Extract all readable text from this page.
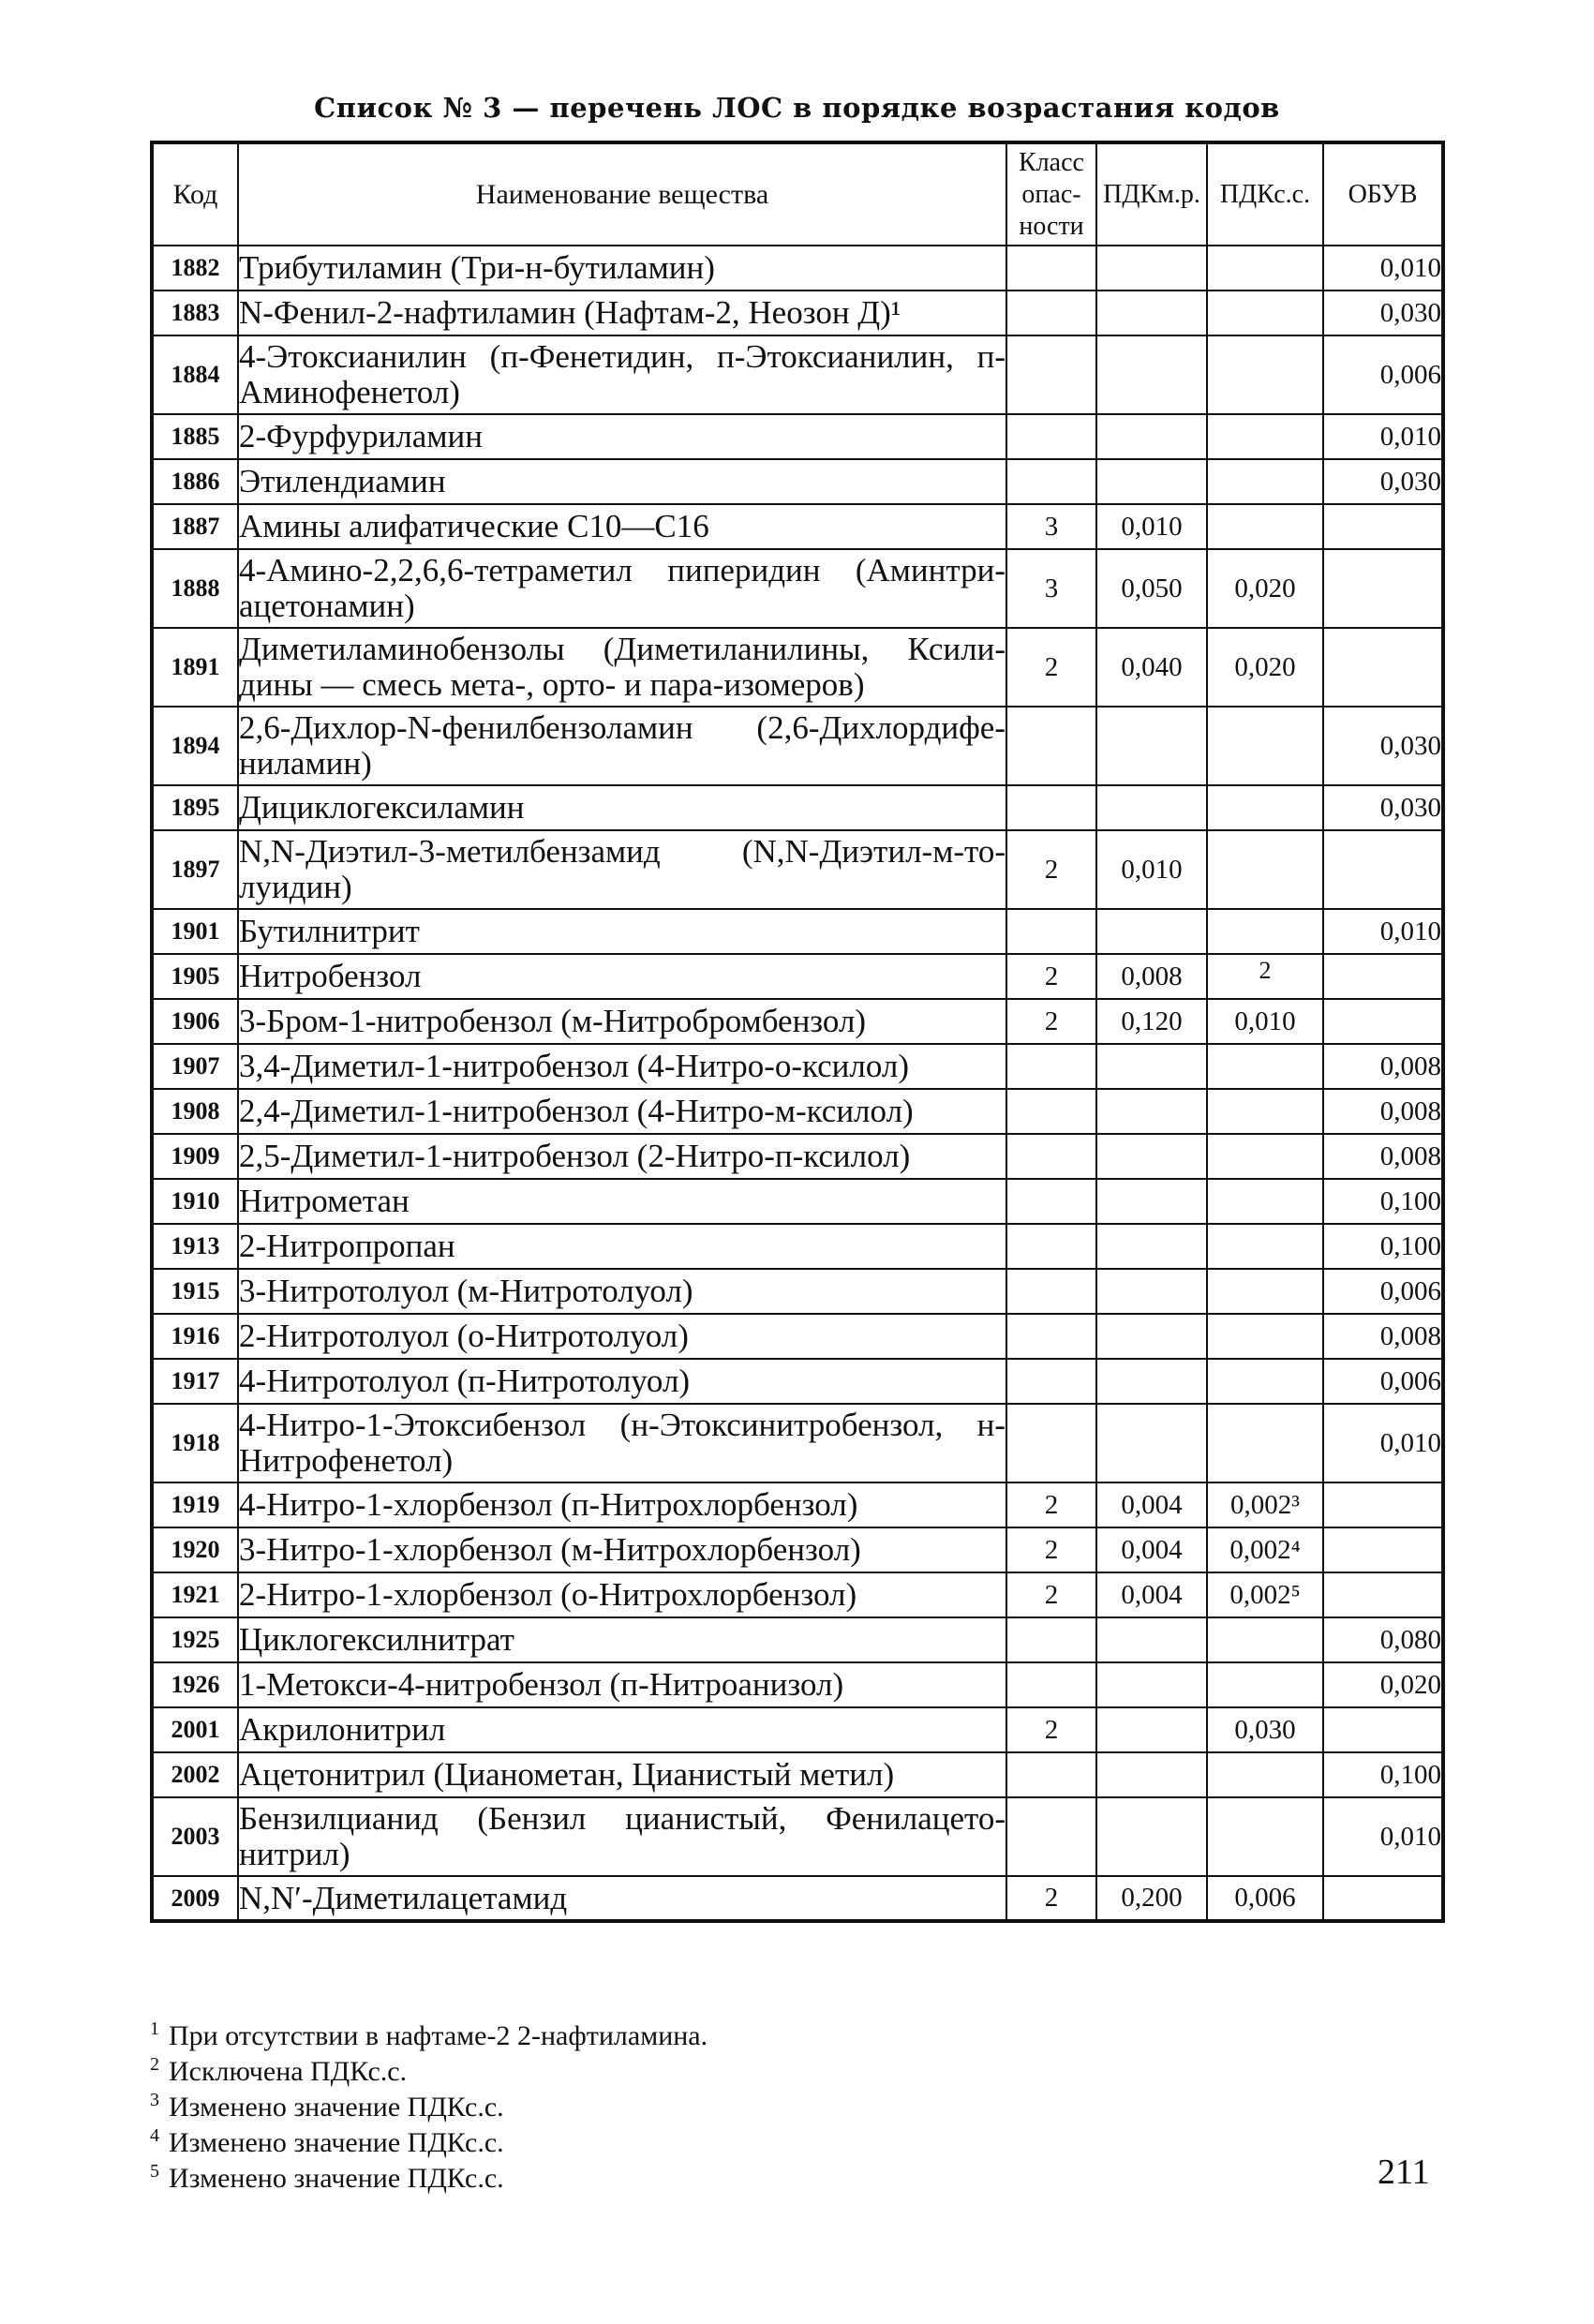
Список № 3 — перечень ЛОС в порядке возрастания кодов
Код	Наименование вещества	Класс опас-ности	ПДКм.р.	ПДКс.с.	ОБУВ
1882	Трибутиламин (Три-н-бутиламин)				0,010
1883	N-Фенил-2-нафтиламин (Нафтам-2, Неозон Д)¹				0,030
1884	4-Этоксианилин (п-Фенетидин, п-Этоксианилин, п-Аминофенетол)				0,006
1885	2-Фурфуриламин				0,010
1886	Этилендиамин				0,030
1887	Амины алифатические С10—С16	3	0,010		
1888	4-Амино-2,2,6,6-тетраметил пиперидин (Аминтри-ацетонамин)	3	0,050	0,020	
1891	Диметиламинобензолы (Диметиланилины, Ксили-дины — смесь мета-, орто- и пара-изомеров)	2	0,040	0,020	
1894	2,6-Дихлор-N-фенилбензоламин (2,6-Дихлордифе-ниламин)				0,030
1895	Дициклогексиламин				0,030
1897	N,N-Диэтил-3-метилбензамид (N,N-Диэтил-м-то-луидин)	2	0,010		
1901	Бутилнитрит				0,010
1905	Нитробензол	2	0,008	2	
1906	3-Бром-1-нитробензол (м-Нитробромбензол)	2	0,120	0,010	
1907	3,4-Диметил-1-нитробензол (4-Нитро-о-ксилол)				0,008
1908	2,4-Диметил-1-нитробензол (4-Нитро-м-ксилол)				0,008
1909	2,5-Диметил-1-нитробензол (2-Нитро-п-ксилол)				0,008
1910	Нитрометан				0,100
1913	2-Нитропропан				0,100
1915	3-Нитротолуол (м-Нитротолуол)				0,006
1916	2-Нитротолуол (о-Нитротолуол)				0,008
1917	4-Нитротолуол (п-Нитротолуол)				0,006
1918	4-Нитро-1-Этоксибензол (н-Этоксинитробензол, н-Нитрофенетол)				0,010
1919	4-Нитро-1-хлорбензол (п-Нитрохлорбензол)	2	0,004	0,002³	
1920	3-Нитро-1-хлорбензол (м-Нитрохлорбензол)	2	0,004	0,002⁴	
1921	2-Нитро-1-хлорбензол (о-Нитрохлорбензол)	2	0,004	0,002⁵	
1925	Циклогексилнитрат				0,080
1926	1-Метокси-4-нитробензол (п-Нитроанизол)				0,020
2001	Акрилонитрил	2		0,030	
2002	Ацетонитрил (Цианометан, Цианистый метил)				0,100
2003	Бензилцианид (Бензил цианистый, Фенилацето-нитрил)				0,010
2009	N,N′-Диметилацетамид	2	0,200	0,006	
$^1$ При отсутствии в нафтаме-2 2-нафтиламина.
$^2$ Исключена ПДКс.с.
$^3$ Изменено значение ПДКс.с.
$^4$ Изменено значение ПДКс.с.
$^5$ Изменено значение ПДКс.с.	211
